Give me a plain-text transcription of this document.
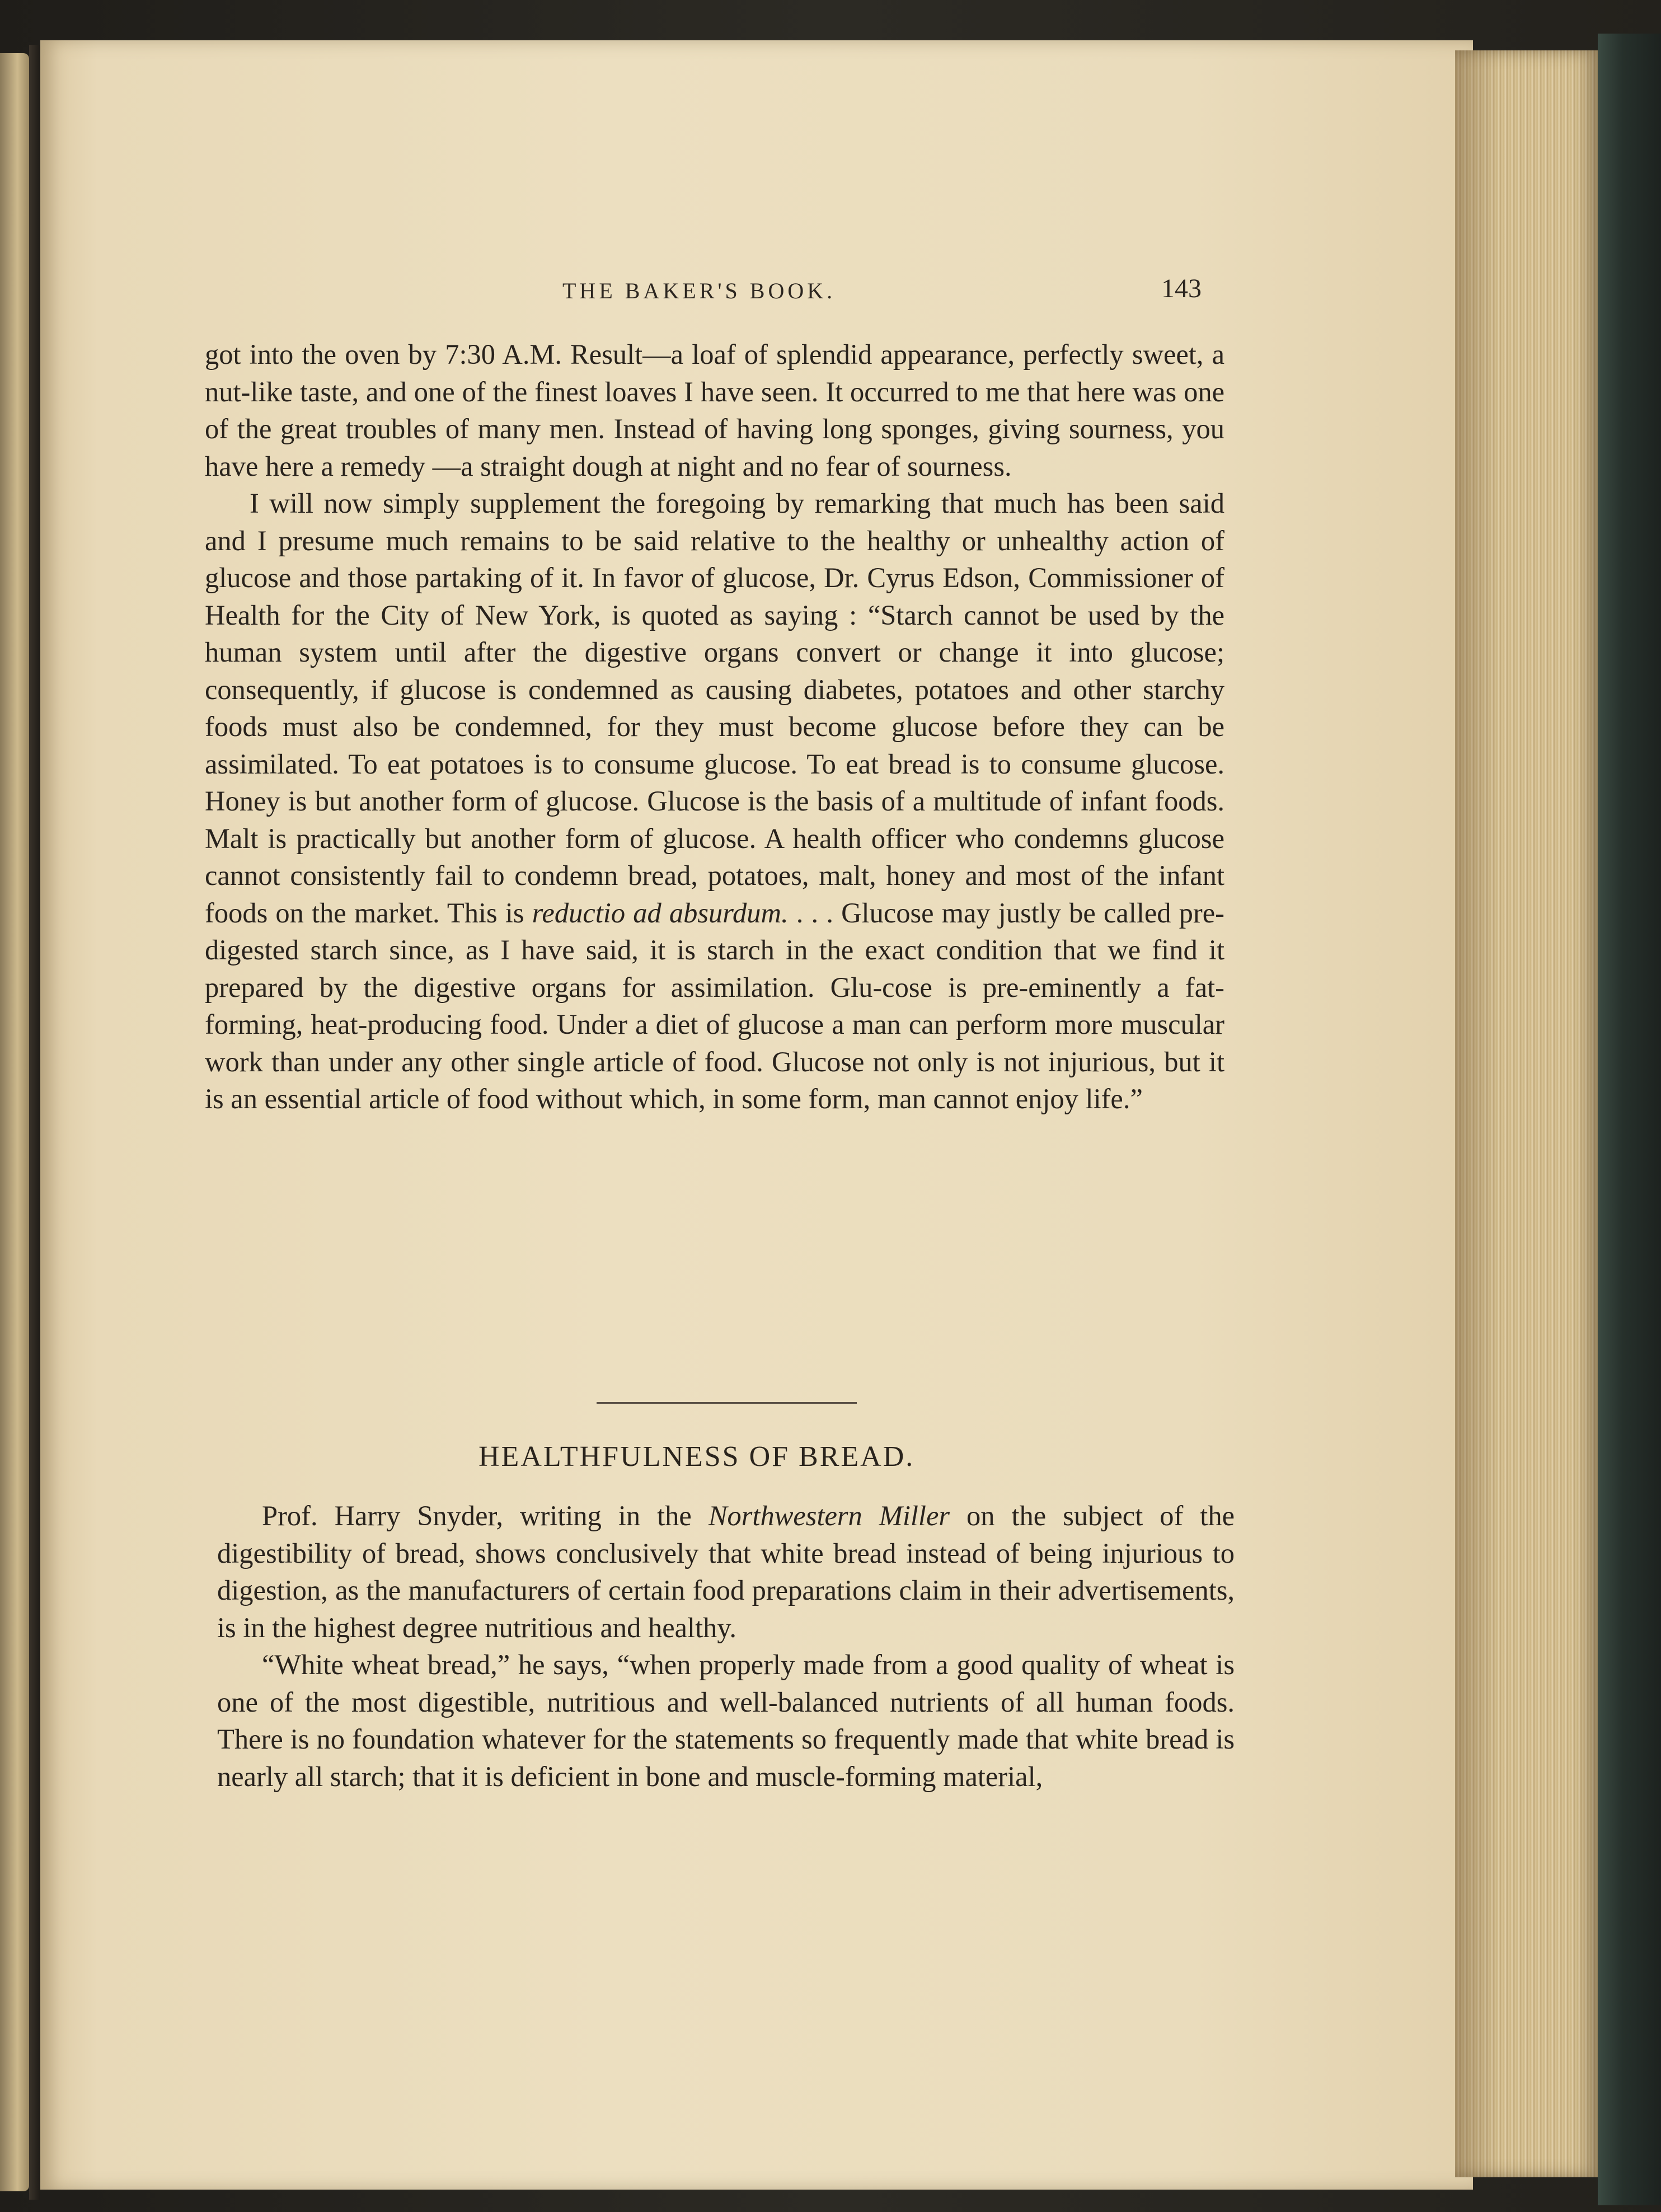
THE BAKER'S BOOK.	143

got into the oven by 7:30 A.M. Result—a loaf of splendid appearance, perfectly sweet, a nut-like taste, and one of the finest loaves I have seen. It occurred to me that here was one of the great troubles of many men. Instead of having long sponges, giving sourness, you have here a remedy —a straight dough at night and no fear of sourness.

I will now simply supplement the foregoing by remarking that much has been said and I presume much remains to be said relative to the healthy or unhealthy action of glucose and those partaking of it. In favor of glucose, Dr. Cyrus Edson, Commissioner of Health for the City of New York, is quoted as saying : “Starch cannot be used by the human system until after the digestive organs convert or change it into glucose; consequently, if glucose is condemned as causing diabetes, potatoes and other starchy foods must also be condemned, for they must become glucose before they can be assimilated. To eat potatoes is to consume glucose. To eat bread is to consume glucose. Honey is but another form of glucose. Glucose is the basis of a multitude of infant foods. Malt is practically but another form of glucose. A health officer who condemns glucose cannot consistently fail to condemn bread, potatoes, malt, honey and most of the infant foods on the market. This is reductio ad absurdum. . . . Glucose may justly be called pre-digested starch since, as I have said, it is starch in the exact condition that we find it prepared by the digestive organs for assimilation. Glu-cose is pre-eminently a fat-forming, heat-producing food. Under a diet of glucose a man can perform more muscular work than under any other single article of food. Glucose not only is not injurious, but it is an essential article of food without which, in some form, man cannot enjoy life.”

HEALTHFULNESS OF BREAD.

Prof. Harry Snyder, writing in the Northwestern Miller on the subject of the digestibility of bread, shows conclusively that white bread instead of being injurious to digestion, as the manufacturers of certain food preparations claim in their advertisements, is in the highest degree nutritious and healthy.

“White wheat bread,” he says, “when properly made from a good quality of wheat is one of the most digestible, nutritious and well-balanced nutrients of all human foods. There is no foundation whatever for the statements so frequently made that white bread is nearly all starch; that it is deficient in bone and muscle-forming material,
